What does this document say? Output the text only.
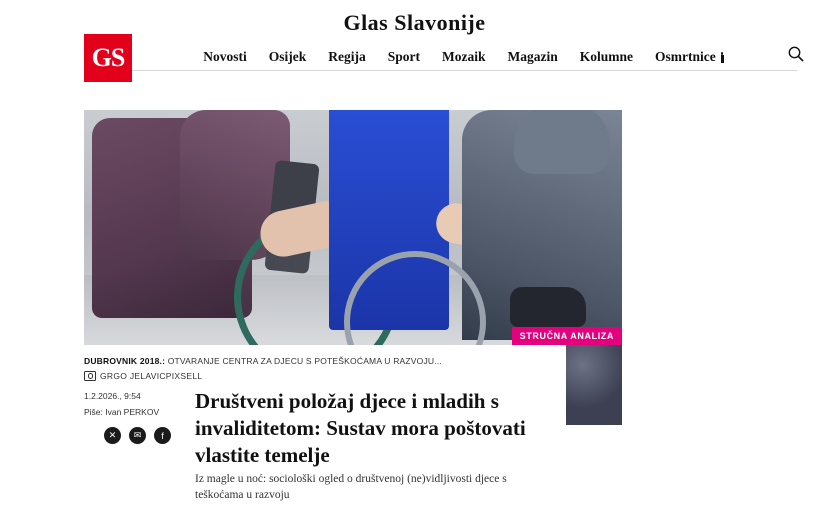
Glas Slavonije
GS	Novosti Osijek Regija Sport Mozaik Magazin Kolumne Osmrtnice
STRUČNA ANALIZA
DUBROVNIK 2018.: OTVARANJE CENTRA ZA DJECU S POTEŠKOĆAMA U RAZVOJU...
GRGO JELAVICPIXSELL
1.2.2026., 9:54
Piše: Ivan PERKOV
✕	✉	f
Društveni položaj djece i mladih s invaliditetom: Sustav mora poštovati vlastite temelje
Iz magle u noć: sociološki ogled o društvenoj (ne)vidljivosti djece s teškoćama u razvoju
